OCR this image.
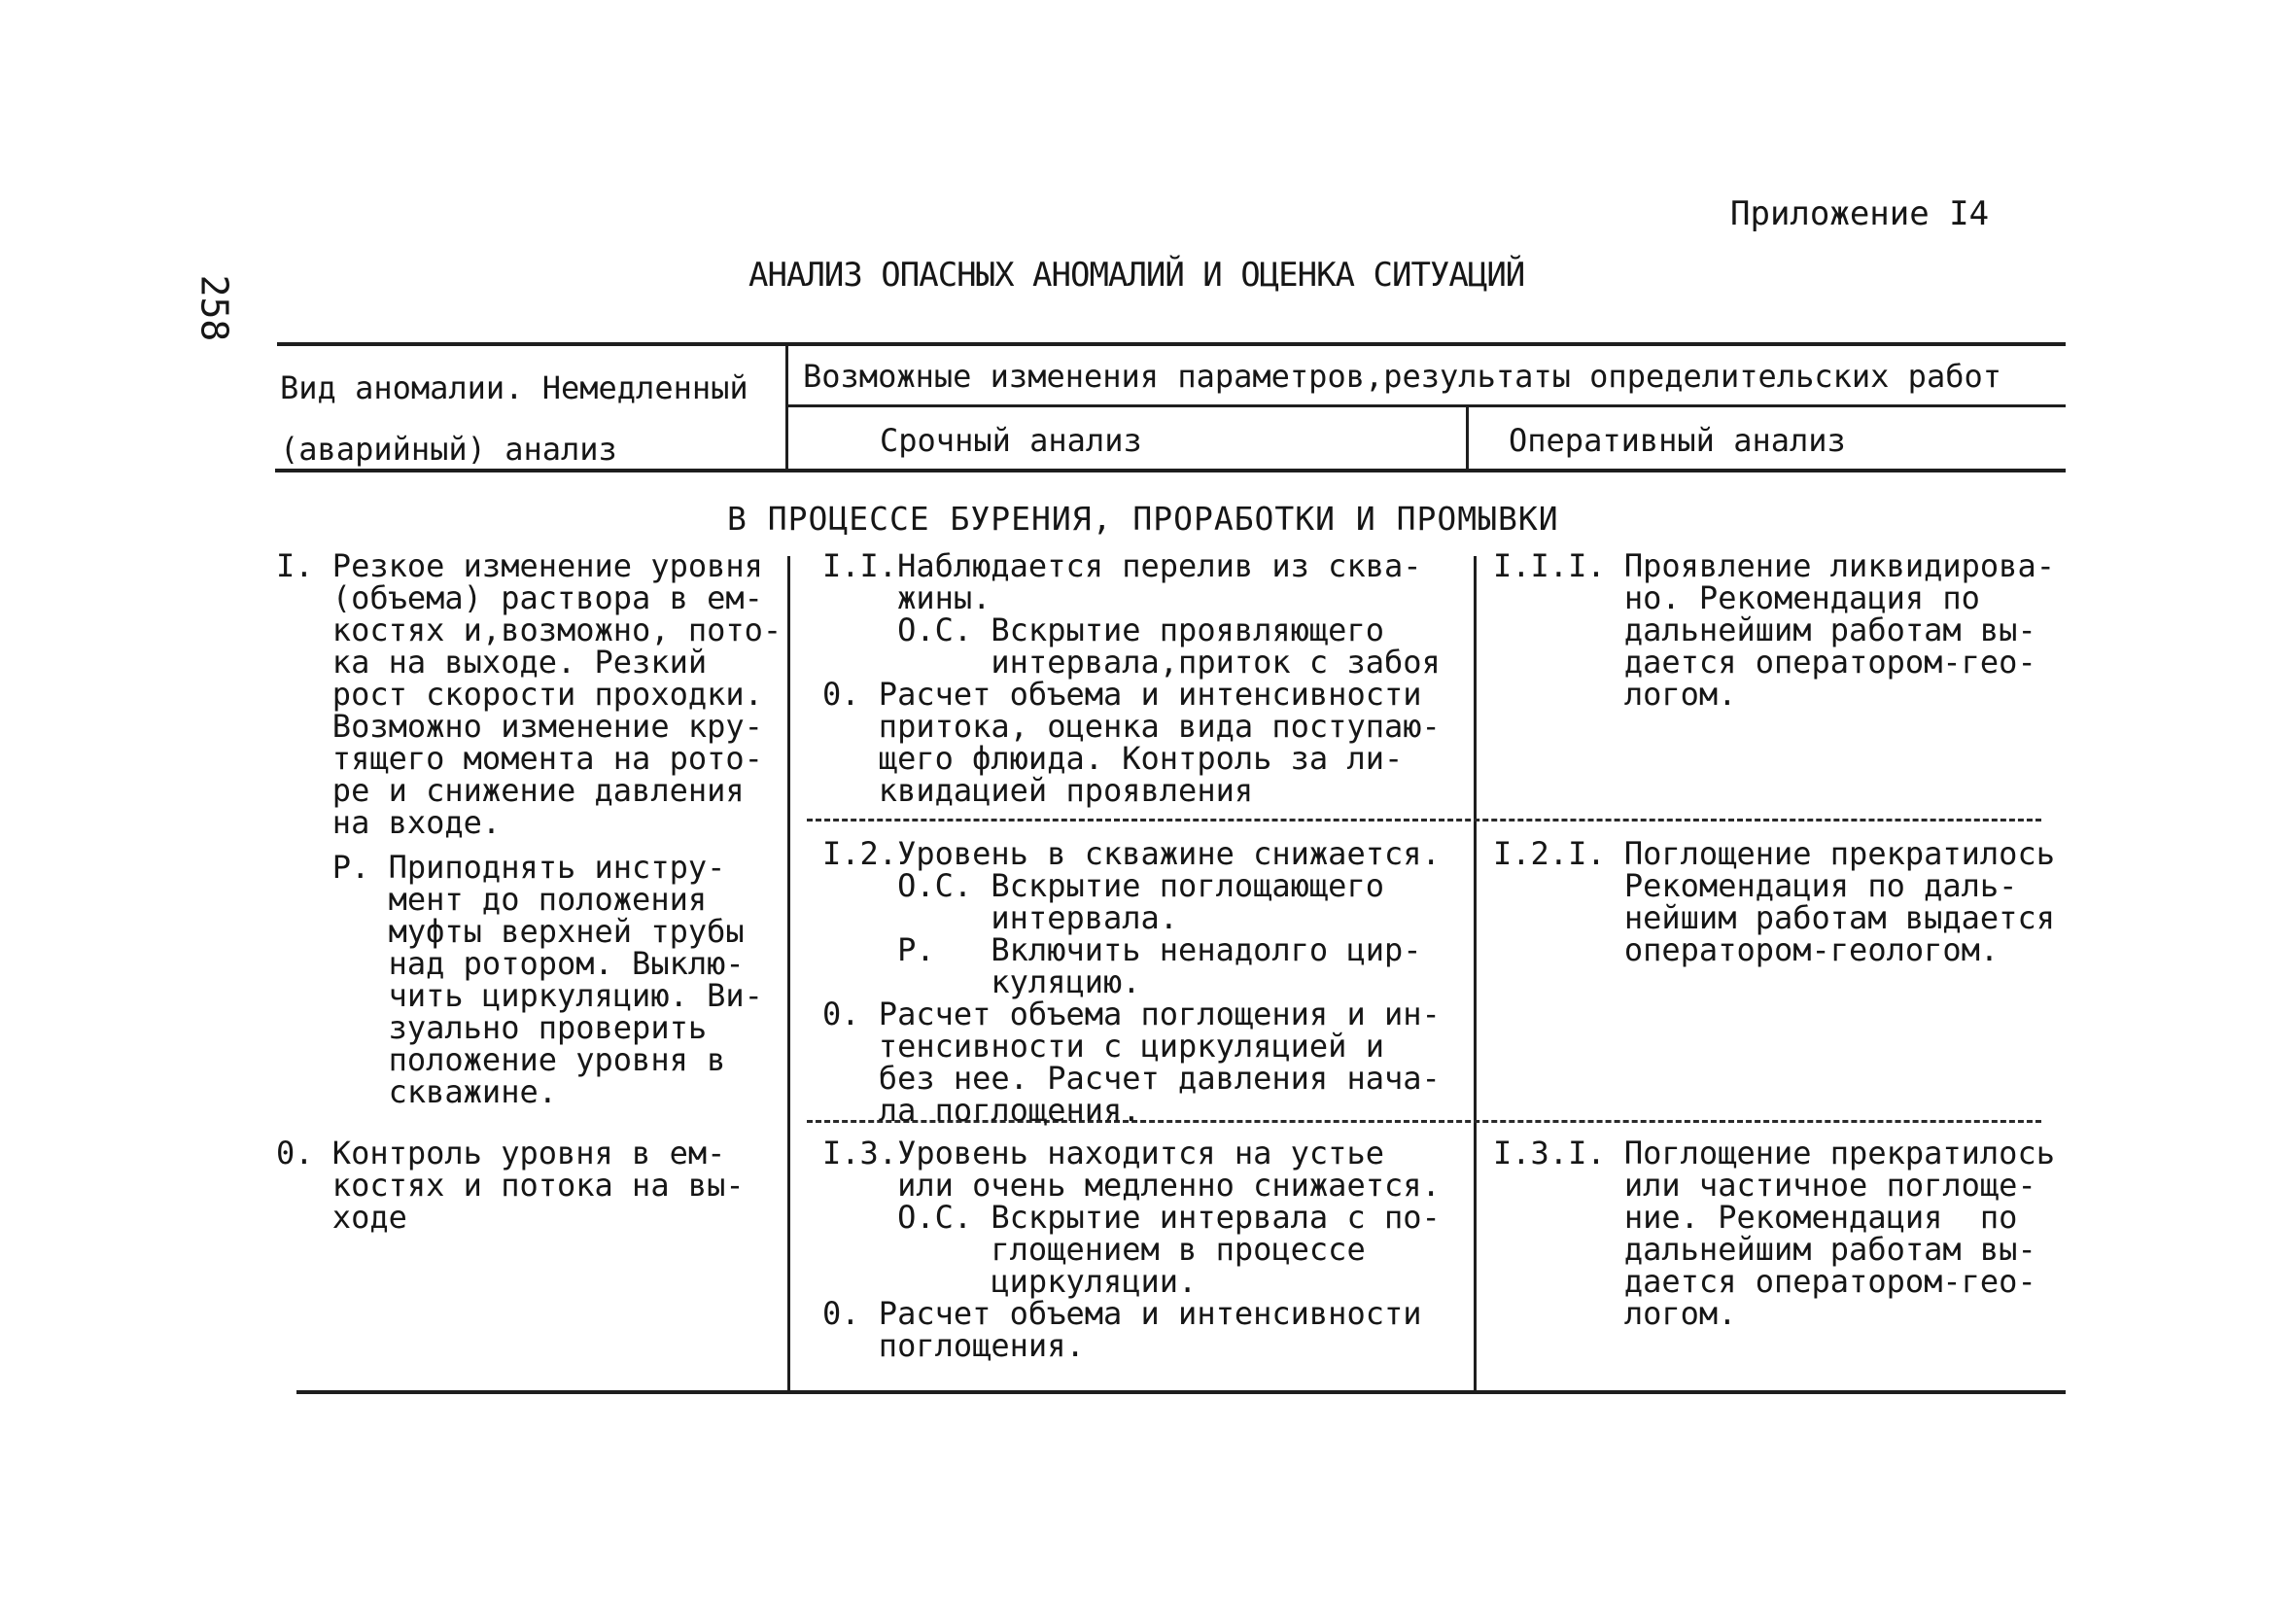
258
Приложение I4
АНАЛИЗ ОПАСНЫХ АНОМАЛИЙ И ОЦЕНКА СИТУАЦИЙ
Вид аномалии. Немедленный
(аварийный) анализ
Возможные изменения параметров,результаты определительских работ
Срочный анализ	Оперативный анализ
В ПРОЦЕССЕ БУРЕНИЯ, ПРОРАБОТКИ И ПРОМЫВКИ
I. Резкое изменение уровня
(объема) раствора в ем-
костях и,возможно, пото-
ка на выходе. Резкий
рост скорости проходки.
Возможно изменение кру-
тящего момента на рото-
ре и снижение давления
на входе.
Р. Приподнять инстру-
мент до положения
муфты верхней трубы
над ротором. Выклю-
чить циркуляцию. Ви-
зуально проверить
положение уровня в
скважине.
0. Контроль уровня в ем-
костях и потока на вы-
ходе
I.I.Наблюдается перелив из сква-
жины.
О.С. Вскрытие проявляющего
интервала,приток с забоя
0. Расчет объема и интенсивности
притока, оценка вида поступаю-
щего флюида. Контроль за ли-
квидацией проявления
I.2.Уровень в скважине снижается.
О.С. Вскрытие поглощающего
интервала.
Р.   Включить ненадолго цир-
куляцию.
0. Расчет объема поглощения и ин-
тенсивности с циркуляцией и
без нее. Расчет давления нача-
ла поглощения.
I.3.Уровень находится на устье
или очень медленно снижается.
О.С. Вскрытие интервала с по-
глощением в процессе
циркуляции.
0. Расчет объема и интенсивности
поглощения.
I.I.I. Проявление ликвидирова-
но. Рекомендация по
дальнейшим работам вы-
дается оператором-гео-
логом.
I.2.I. Поглощение прекратилось
Рекомендация по даль-
нейшим работам выдается
оператором-геологом.
I.3.I. Поглощение прекратилось
или частичное поглоще-
ние. Рекомендация  по
дальнейшим работам вы-
дается оператором-гео-
логом.
